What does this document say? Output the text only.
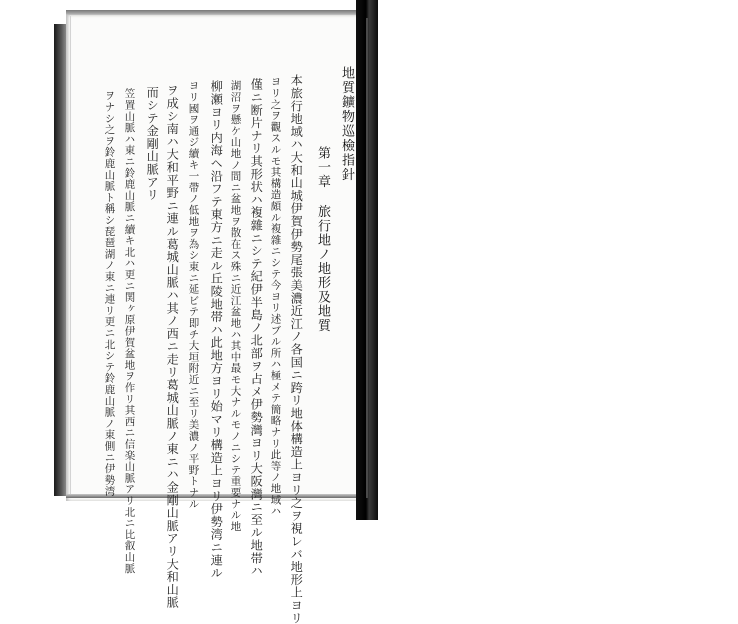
地質鑛物巡檢指針
第一章 旅行地ノ地形及地質
本旅行地域ハ大和山城伊賀伊勢尾張美濃近江ノ各国ニ跨リ地体構造上ヨリ之ヲ視レバ地形上ヨリ
ヨリ之ヲ觀スルモ其構造頗ル複雜ニシテ今ヨリ述ブル所ハ極メテ簡略ナリ此等ノ地域ハ
僅ニ断片ナリ其形状ハ複雜ニシテ紀伊半島ノ北部ヲ占メ伊勢灣ヨリ大阪灣ニ至ル地帯ハ
湖沼ヲ懸ケ山地ノ間ニ盆地ヲ散在ス殊ニ近江盆地ハ其中最モ大ナルモノニシテ重要ナル地
柳瀬ヨリ内海ヘ沿フテ東方ニ走ル丘陵地帯ハ此地方ヨリ始マリ構造上ヨリ伊勢湾ニ連ル
ヨリ國ヲ通ジ續キ一帶ノ低地ヲ為シ東ニ延ビテ即チ大垣附近ニ至リ美濃ノ平野トナル
ヲ成シ南ハ大和平野ニ連ル葛城山脈ハ其ノ西ニ走リ葛城山脈ノ東ニハ金剛山脈アリ大和山脈
而シテ金剛山脈アリ
笠置山脈ハ東ニ鈴鹿山脈ニ續キ北ハ更ニ関ヶ原伊賀盆地ヲ作リ其西ニ信楽山脈アリ北ニ比叡山脈
ヲナシ之ヲ鈴鹿山脈ト稱シ琵琶湖ノ東ニ連リ更ニ北シテ鈴鹿山脈ノ東側ニ伊勢湾
